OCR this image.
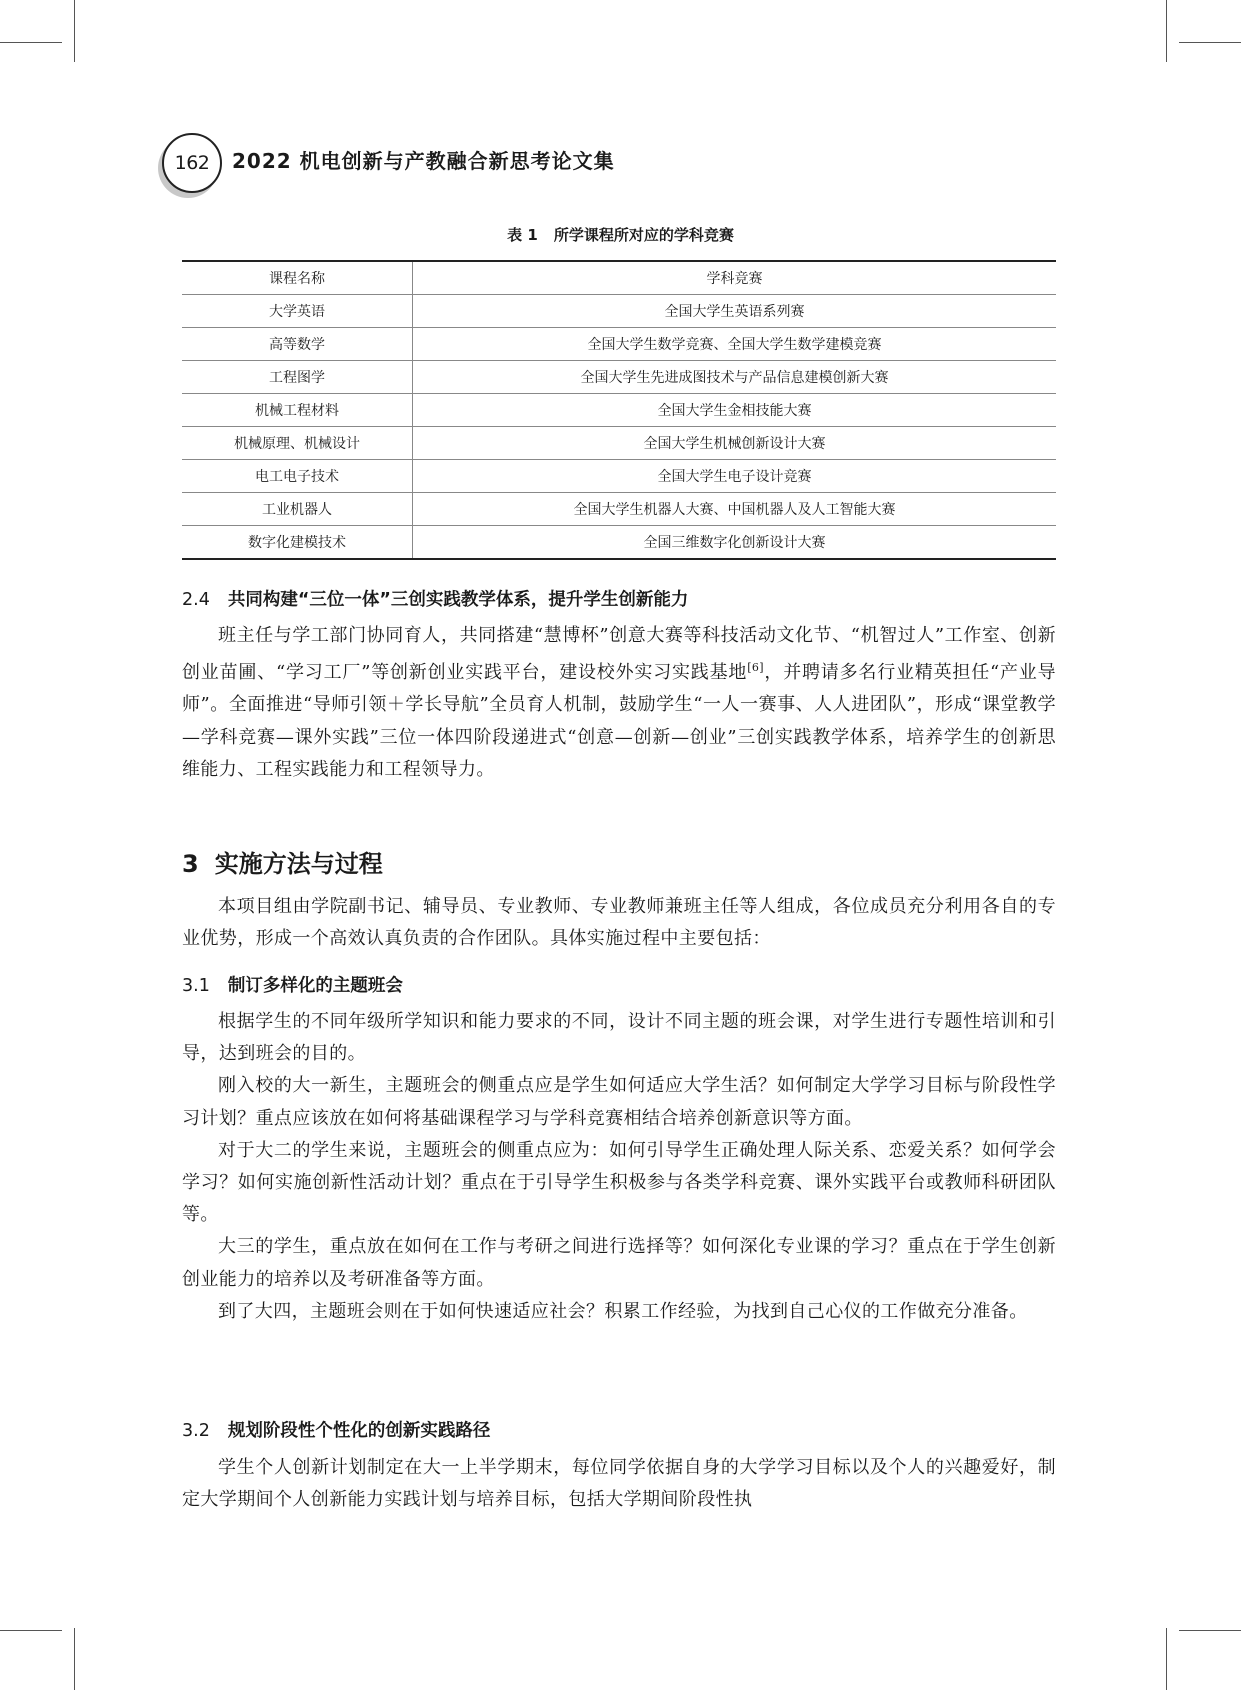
162 2022 机电创新与产教融合新思考论文集
表 1 所学课程所对应的学科竞赛
课程名称	学科竞赛
大学英语	全国大学生英语系列赛
高等数学	全国大学生数学竞赛、全国大学生数学建模竞赛
工程图学	全国大学生先进成图技术与产品信息建模创新大赛
机械工程材料	全国大学生金相技能大赛
机械原理、机械设计	全国大学生机械创新设计大赛
电工电子技术	全国大学生电子设计竞赛
工业机器人	全国大学生机器人大赛、中国机器人及人工智能大赛
数字化建模技术	全国三维数字化创新设计大赛
2.4 共同构建“三位一体”三创实践教学体系，提升学生创新能力
班主任与学工部门协同育人，共同搭建“慧博杯”创意大赛等科技活动文化节、“机智过人”工作室、创新创业苗圃、“学习工厂”等创新创业实践平台，建设校外实习实践基地[6]，并聘请多名行业精英担任“产业导师”。全面推进“导师引领＋学长导航”全员育人机制，鼓励学生“一人一赛事、人人进团队”，形成“课堂教学—学科竞赛—课外实践”三位一体四阶段递进式“创意—创新—创业”三创实践教学体系，培养学生的创新思维能力、工程实践能力和工程领导力。
3 实施方法与过程
本项目组由学院副书记、辅导员、专业教师、专业教师兼班主任等人组成，各位成员充分利用各自的专业优势，形成一个高效认真负责的合作团队。具体实施过程中主要包括：
3.1 制订多样化的主题班会
根据学生的不同年级所学知识和能力要求的不同，设计不同主题的班会课，对学生进行专题性培训和引导，达到班会的目的。
刚入校的大一新生，主题班会的侧重点应是学生如何适应大学生活？如何制定大学学习目标与阶段性学习计划？重点应该放在如何将基础课程学习与学科竞赛相结合培养创新意识等方面。
对于大二的学生来说，主题班会的侧重点应为：如何引导学生正确处理人际关系、恋爱关系？如何学会学习？如何实施创新性活动计划？重点在于引导学生积极参与各类学科竞赛、课外实践平台或教师科研团队等。
大三的学生，重点放在如何在工作与考研之间进行选择等？如何深化专业课的学习？重点在于学生创新创业能力的培养以及考研准备等方面。
到了大四，主题班会则在于如何快速适应社会？积累工作经验，为找到自己心仪的工作做充分准备。
3.2 规划阶段性个性化的创新实践路径
学生个人创新计划制定在大一上半学期末，每位同学依据自身的大学学习目标以及个人的兴趣爱好，制定大学期间个人创新能力实践计划与培养目标，包括大学期间阶段性执
